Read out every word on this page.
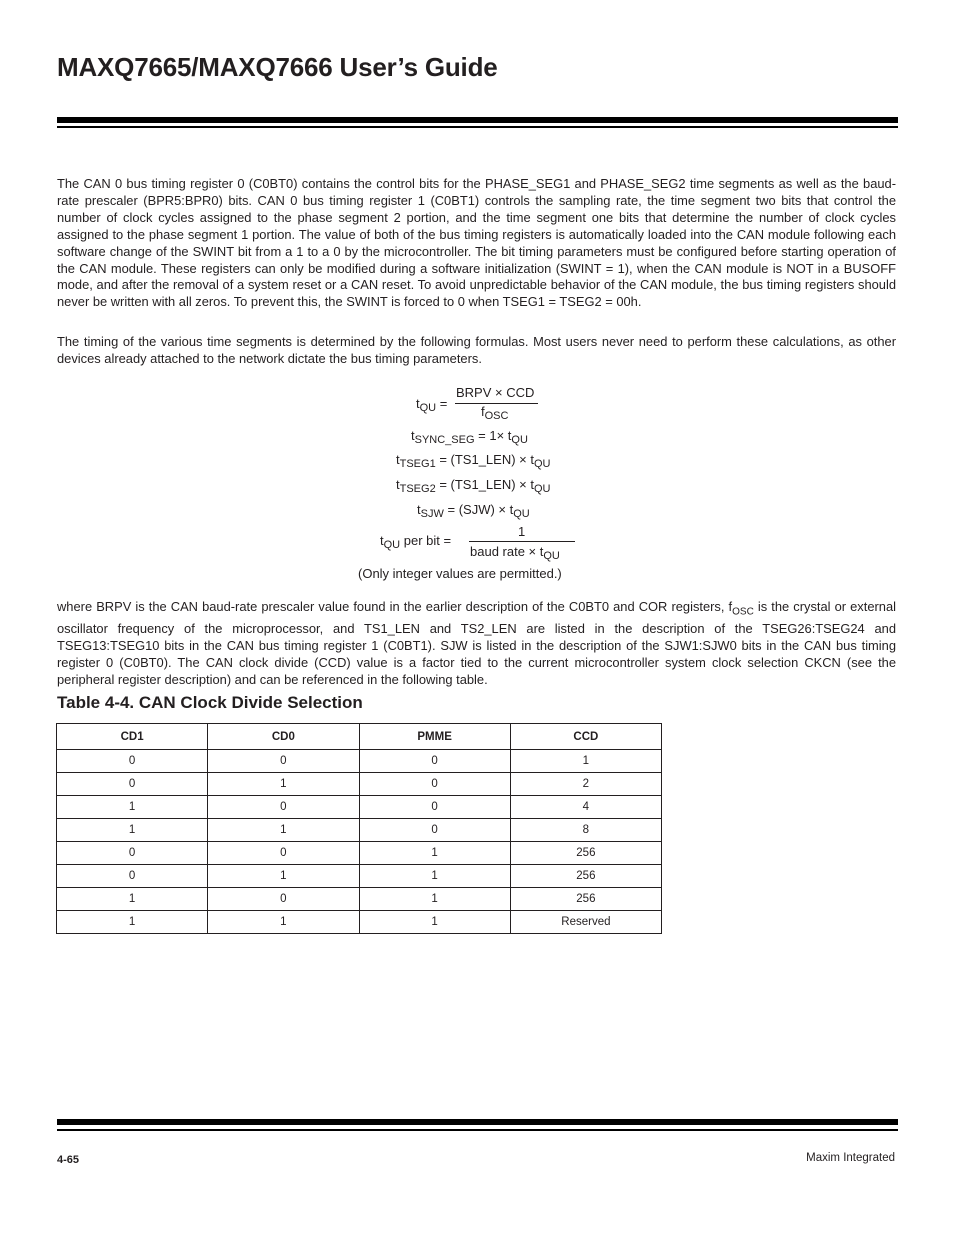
MAXQ7665/MAXQ7666 User’s Guide

The CAN 0 bus timing register 0 (C0BT0) contains the control bits for the PHASE_SEG1 and PHASE_SEG2 time segments as well as the baud-rate prescaler (BPR5:BPR0) bits. CAN 0 bus timing register 1 (C0BT1) controls the sampling rate, the time segment two bits that control the number of clock cycles assigned to the phase segment 2 portion, and the time segment one bits that determine the number of clock cycles assigned to the phase segment 1 portion. The value of both of the bus timing registers is automatically loaded into the CAN module following each software change of the SWINT bit from a 1 to a 0 by the microcontroller. The bit timing parameters must be configured before starting operation of the CAN module. These registers can only be modified during a software initialization (SWINT = 1), when the CAN module is NOT in a BUSOFF mode, and after the removal of a system reset or a CAN reset. To avoid unpredictable behavior of the CAN module, the bus timing registers should never be written with all zeros. To prevent this, the SWINT is forced to 0 when TSEG1 = TSEG2 = 00h.

The timing of the various time segments is determined by the following formulas. Most users never need to perform these calculations, as other devices already attached to the network dictate the bus timing parameters.

$t_{QU}$ =
BRPV × CCD
$f_{OSC}$
$t_{SYNC\_SEG} = 1\times t_{QU}$
$t_{TSEG1}$ = (TS1_LEN) × $t_{QU}$
$t_{TSEG2}$ = (TS1_LEN) × $t_{QU}$
$t_{SJW} = (SJW) \times t_{QU}$
$t_{QU}$ per bit =
1
baud rate × $t_{QU}$
(Only integer values are permitted.)

where BRPV is the CAN baud-rate prescaler value found in the earlier description of the C0BT0 and COR registers, $f_{OSC}$ is the crystal or external oscillator frequency of the microprocessor, and TS1_LEN and TS2_LEN are listed in the description of the TSEG26:TSEG24 and TSEG13:TSEG10 bits in the CAN bus timing register 1 (C0BT1). SJW is listed in the description of the SJW1:SJW0 bits in the CAN bus timing register 0 (C0BT0). The CAN clock divide (CCD) value is a factor tied to the current microcontroller system clock selection CKCN (see the peripheral register description) and can be referenced in the following table.

Table 4-4. CAN Clock Divide Selection
CD1	CD0	PMME	CCD
0	0	0	1
0	1	0	2
1	0	0	4
1	1	0	8
0	0	1	256
0	1	1	256
1	0	1	256
1	1	1	Reserved
4-65	Maxim Integrated
